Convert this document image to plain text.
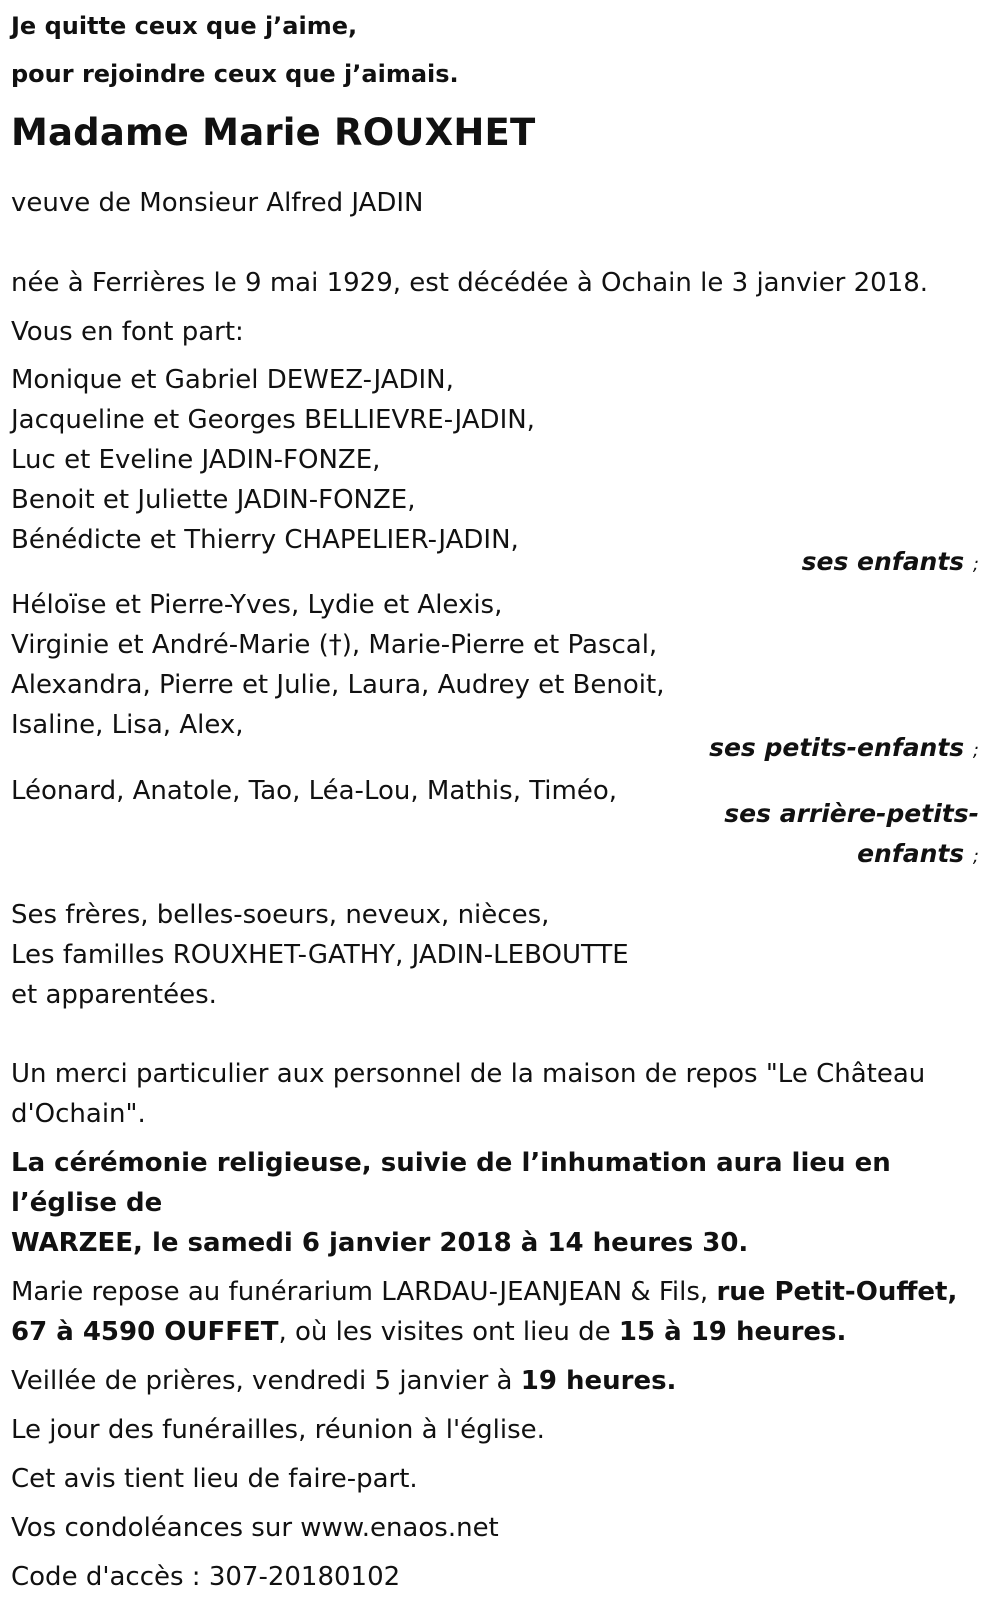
Je quitte ceux que j’aime,
pour rejoindre ceux que j’aimais.
Madame Marie ROUXHET
veuve de Monsieur Alfred JADIN
née à Ferrières le 9 mai 1929, est décédée à Ochain le 3 janvier 2018.
Vous en font part:
Monique et Gabriel DEWEZ-JADIN,
Jacqueline et Georges BELLIEVRE-JADIN,
Luc et Eveline JADIN-FONZE,
Benoit et Juliette JADIN-FONZE,
Bénédicte et Thierry CHAPELIER-JADIN,
ses enfants ;
Héloïse et Pierre-Yves, Lydie et Alexis,
Virginie et André-Marie (†), Marie-Pierre et Pascal,
Alexandra, Pierre et Julie, Laura, Audrey et Benoit,
Isaline, Lisa, Alex,
ses petits-enfants ;
Léonard, Anatole, Tao, Léa-Lou, Mathis, Timéo,
ses arrière-petits-
enfants ;
Ses frères, belles-soeurs, neveux, nièces,
Les familles ROUXHET-GATHY, JADIN-LEBOUTTE
et apparentées.
Un merci particulier aux personnel de la maison de repos "Le Château
d'Ochain".
La cérémonie religieuse, suivie de l’inhumation aura lieu en l’église de
WARZEE, le samedi 6 janvier 2018 à 14 heures 30.
Marie repose au funérarium LARDAU-JEANJEAN & Fils, rue Petit-Ouffet,
67 à 4590 OUFFET, où les visites ont lieu de 15 à 19 heures.
Veillée de prières, vendredi 5 janvier à 19 heures.
Le jour des funérailles, réunion à l'église.
Cet avis tient lieu de faire-part.
Vos condoléances sur www.enaos.net
Code d'accès : 307-20180102
